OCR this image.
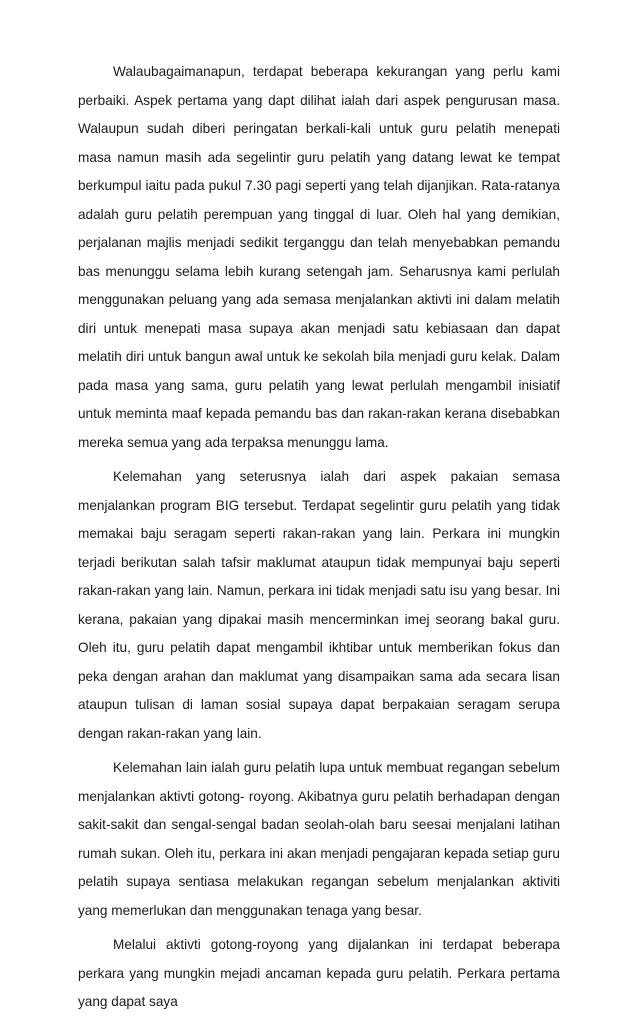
Walaubagaimanapun, terdapat beberapa kekurangan yang perlu kami perbaiki. Aspek pertama yang dapt dilihat ialah dari aspek pengurusan masa. Walaupun sudah diberi peringatan berkali-kali untuk guru pelatih menepati masa namun masih ada segelintir guru pelatih yang datang lewat ke tempat berkumpul iaitu pada pukul 7.30 pagi seperti yang telah dijanjikan. Rata-ratanya adalah guru pelatih perempuan yang tinggal di luar. Oleh hal yang demikian, perjalanan majlis menjadi sedikit terganggu dan telah menyebabkan pemandu bas menunggu selama lebih kurang setengah jam. Seharusnya kami perlulah menggunakan peluang yang ada semasa menjalankan aktivti ini dalam melatih diri untuk menepati masa supaya akan menjadi satu kebiasaan dan dapat melatih diri untuk bangun awal untuk ke sekolah bila menjadi guru kelak. Dalam pada masa yang sama, guru pelatih yang lewat perlulah mengambil inisiatif untuk meminta maaf kepada pemandu bas dan rakan-rakan kerana disebabkan mereka semua yang ada terpaksa menunggu lama.

Kelemahan yang seterusnya ialah dari aspek pakaian semasa menjalankan program BIG tersebut. Terdapat segelintir guru pelatih yang tidak memakai baju seragam seperti rakan-rakan yang lain. Perkara ini mungkin terjadi berikutan salah tafsir maklumat ataupun tidak mempunyai baju seperti rakan-rakan yang lain. Namun, perkara ini tidak menjadi satu isu yang besar. Ini kerana, pakaian yang dipakai masih mencerminkan imej seorang bakal guru. Oleh itu, guru pelatih dapat mengambil ikhtibar untuk memberikan fokus dan peka dengan arahan dan maklumat yang disampaikan sama ada secara lisan ataupun tulisan di laman sosial supaya dapat berpakaian seragam serupa dengan rakan-rakan yang lain.

Kelemahan lain ialah guru pelatih lupa untuk membuat regangan sebelum menjalankan aktivti gotong- royong. Akibatnya guru pelatih berhadapan dengan sakit-sakit dan sengal-sengal badan seolah-olah baru seesai menjalani latihan rumah sukan. Oleh itu, perkara ini akan menjadi pengajaran kepada setiap guru pelatih supaya sentiasa melakukan regangan sebelum menjalankan aktiviti yang memerlukan dan menggunakan tenaga yang besar.

Melalui aktivti gotong-royong yang dijalankan ini terdapat beberapa perkara yang mungkin mejadi ancaman kepada guru pelatih. Perkara pertama yang dapat saya
